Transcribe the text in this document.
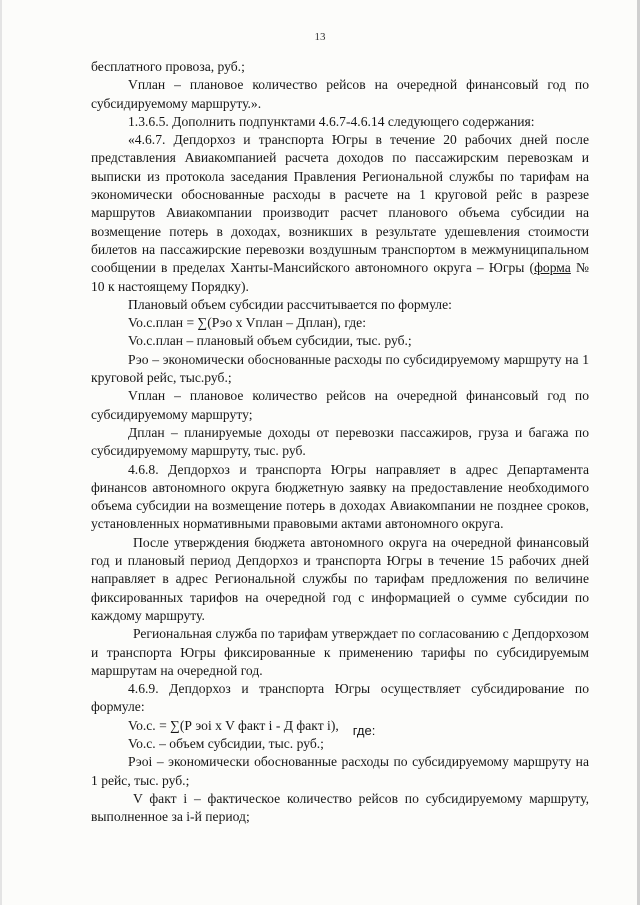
13

бесплатного провоза, руб.;

Vплан – плановое количество рейсов на очередной финансовый год по субсидируемому маршруту.».

1.3.6.5. Дополнить подпунктами 4.6.7-4.6.14 следующего содержания:

«4.6.7. Депдорхоз и транспорта Югры в течение 20 рабочих дней после представления Авиакомпанией расчета доходов по пассажирским перевозкам и выписки из протокола заседания Правления Региональной службы по тарифам на экономически обоснованные расходы в расчете на 1 круговой рейс в разрезе маршрутов Авиакомпании производит расчет планового объема субсидии на возмещение потерь в доходах, возникших в результате удешевления стоимости билетов на пассажирские перевозки воздушным транспортом в межмуниципальном сообщении в пределах Ханты-Мансийского автономного округа – Югры (форма № 10 к настоящему Порядку).

Плановый объем субсидии рассчитывается по формуле:

Vo.с.план = ∑(Рэо x Vплан – Дплан), где:

Vo.с.план – плановый объем субсидии, тыс. руб.;

Рэо – экономически обоснованные расходы по субсидируемому маршруту на 1 круговой рейс, тыс.руб.;

Vплан – плановое количество рейсов на очередной финансовый год по субсидируемому маршруту;

Дплан – планируемые доходы от перевозки пассажиров, груза и багажа по субсидируемому маршруту, тыс. руб.

4.6.8. Депдорхоз и транспорта Югры направляет в адрес Департамента финансов автономного округа бюджетную заявку на предоставление необходимого объема субсидии на возмещение потерь в доходах Авиакомпании не позднее сроков, установленных нормативными правовыми актами автономного округа.

После утверждения бюджета автономного округа на очередной финансовый год и плановый период Депдорхоз и транспорта Югры в течение 15 рабочих дней направляет в адрес Региональной службы по тарифам предложения по величине фиксированных тарифов на очередной год с информацией о сумме субсидии по каждому маршруту.

Региональная служба по тарифам утверждает по согласованию с Депдорхозом и транспорта Югры фиксированные к применению тарифы по субсидируемым маршрутам на очередной год.

4.6.9. Депдорхоз и транспорта Югры осуществляет субсидирование по формуле:

Vo.с. = ∑(Р эоi x V факт i - Д факт i), где:

Vo.с. – объем субсидии, тыс. руб.;

Рэоi – экономически обоснованные расходы по субсидируемому маршруту на 1 рейс, тыс. руб.;

V факт i – фактическое количество рейсов по субсидируемому маршруту, выполненное за i-й период;
